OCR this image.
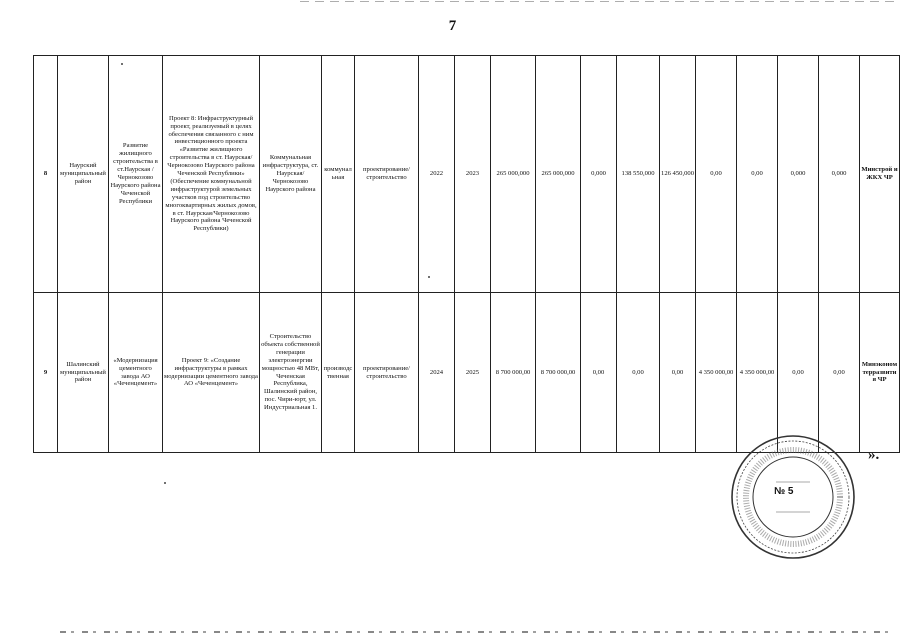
7
8	Наурский муниципальный район	Развитие жилищного строительства в ст.Наурская / Чернокозово Наурского района Чеченской Республики	Проект 8: Инфраструктурный проект, реализуемый в целях обеспечения связанного с ним инвестиционного проекта «Развитие жилищного строительства в ст. Наурская/Чернокозово Наурского района Чеченской Республики» (Обеспечение коммунальной инфраструктурой земельных участков под строительство многоквартирных жилых домов, в ст. Наурская/Чернокозово Наурского района Чеченской Республики)	Коммунальная инфраструктура, ст. Наурская/ Чернокозово Наурского района	коммунальная	проектирование/строительство	2022	2023	265 000,000	265 000,000	0,000	138 550,000	126 450,000	0,00	0,00	0,000	0,000	Минстрой и ЖКХ ЧР
9	Шалинский муниципальный район	«Модернизация цементного завода АО «Чеченцемент»	Проект 9: «Создание инфраструктуры в рамках модернизации цементного завода АО «Чеченцемент»	Строительство объекта собственной генерации электроэнергии мощностью 48 МВт, Чеченская Республика, Шалинский район, пос. Чири-юрт, ул. Индустриальная 1.	производственная	проектирование/строительство	2024	2025	8 700 000,00	8 700 000,00	0,00	0,00	0,00	4 350 000,00	4 350 000,00	0,00	0,00	Минэкономтерразвития ЧР
».
№ 5
